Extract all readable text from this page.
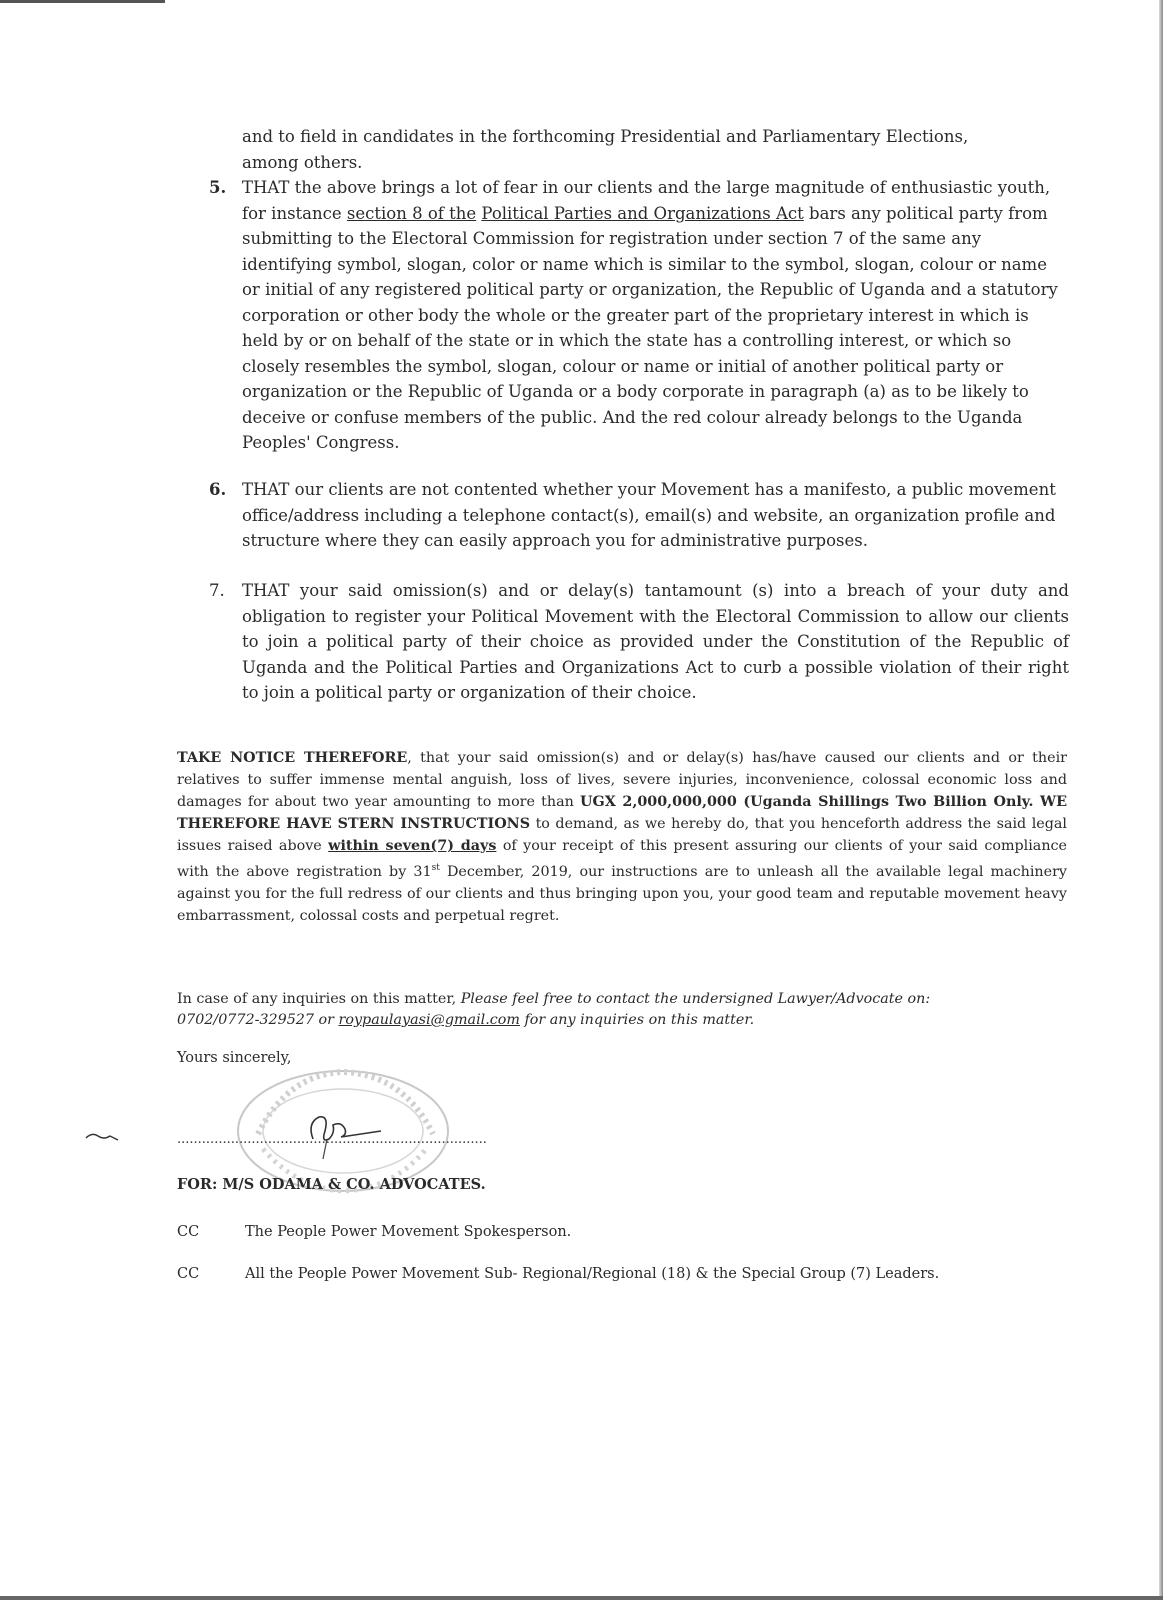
and to field in candidates in the forthcoming Presidential and Parliamentary Elections,
among others.
5. THAT the above brings a lot of fear in our clients and the large magnitude of enthusiastic youth, for instance section 8 of the Political Parties and Organizations Act bars any political party from submitting to the Electoral Commission for registration under section 7 of the same any identifying symbol, slogan, color or name which is similar to the symbol, slogan, colour or name or initial of any registered political party or organization, the Republic of Uganda and a statutory corporation or other body the whole or the greater part of the proprietary interest in which is held by or on behalf of the state or in which the state has a controlling interest, or which so closely resembles the symbol, slogan, colour or name or initial of another political party or organization or the Republic of Uganda or a body corporate in paragraph (a) as to be likely to deceive or confuse members of the public. And the red colour already belongs to the Uganda Peoples' Congress.
6. THAT our clients are not contented whether your Movement has a manifesto, a public movement office/address including a telephone contact(s), email(s) and website, an organization profile and structure where they can easily approach you for administrative purposes.
7.	THAT your said omission(s) and or delay(s) tantamount (s) into a breach of your duty and obligation to register your Political Movement with the Electoral Commission to allow our clients to join a political party of their choice as provided under the Constitution of the Republic of Uganda and the Political Parties and Organizations Act to curb a possible violation of their right to join a political party or organization of their choice.
TAKE NOTICE THEREFORE, that your said omission(s) and or delay(s) has/have caused our clients and or their relatives to suffer immense mental anguish, loss of lives, severe injuries, inconvenience, colossal economic loss and damages for about two year amounting to more than UGX 2,000,000,000 (Uganda Shillings Two Billion Only. WE THEREFORE HAVE STERN INSTRUCTIONS to demand, as we hereby do, that you henceforth address the said legal issues raised above within seven(7) days of your receipt of this present assuring our clients of your said compliance with the above registration by 31st December, 2019, our instructions are to unleash all the available legal machinery against you for the full redress of our clients and thus bringing upon you, your good team and reputable movement heavy embarrassment, colossal costs and perpetual regret.
In case of any inquiries on this matter, Please feel free to contact the undersigned Lawyer/Advocate on:
0702/0772-329527 or roypaulayasi@gmail.com for any inquiries on this matter.
Yours sincerely,
...........................................................................
FOR: M/S ODAMA & CO. ADVOCATES.
CC	The People Power Movement Spokesperson.
CC	All the People Power Movement Sub- Regional/Regional (18) & the Special Group (7) Leaders.
